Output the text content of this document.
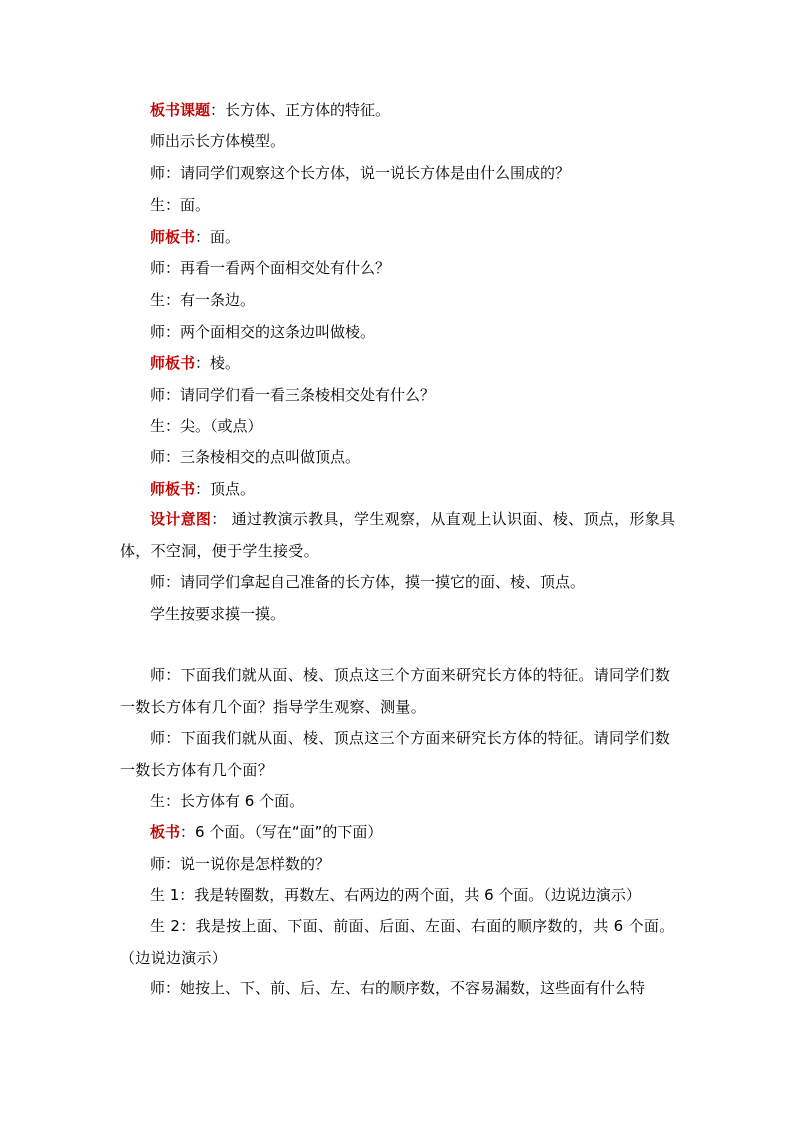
板书课题：长方体、正方体的特征。
师出示长方体模型。
师：请同学们观察这个长方体，说一说长方体是由什么围成的？
生：面。
师板书：面。
师：再看一看两个面相交处有什么？
生：有一条边。
师：两个面相交的这条边叫做棱。
师板书：棱。
师：请同学们看一看三条棱相交处有什么？
生：尖。（或点）
师：三条棱相交的点叫做顶点。
师板书：顶点。
设计意图： 通过教演示教具，学生观察，从直观上认识面、棱、顶点，形象具体，不空洞，便于学生接受。
师：请同学们拿起自己准备的长方体，摸一摸它的面、棱、顶点。
学生按要求摸一摸。
师：下面我们就从面、棱、顶点这三个方面来研究长方体的特征。请同学们数一数长方体有几个面？指导学生观察、测量。
师：下面我们就从面、棱、顶点这三个方面来研究长方体的特征。请同学们数一数长方体有几个面？
生：长方体有 6 个面。
板书：6 个面。（写在“面”的下面）
师：说一说你是怎样数的？
生 1：我是转圈数，再数左、右两边的两个面，共 6 个面。（边说边演示）
生 2：我是按上面、下面、前面、后面、左面、右面的顺序数的，共 6 个面。（边说边演示）
师：她按上、下、前、后、左、右的顺序数，不容易漏数，这些面有什么特
